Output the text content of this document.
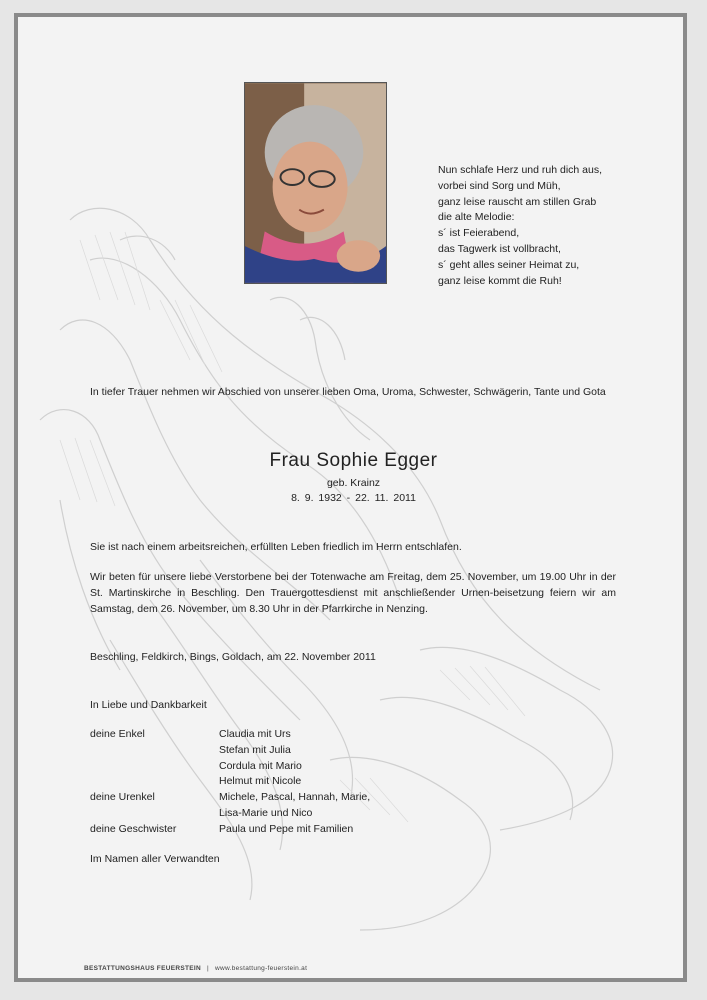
Nun schlafe Herz und ruh dich aus,
vorbei sind Sorg und Müh,
ganz leise rauscht am stillen Grab
die alte Melodie:
s´ ist Feierabend,
das Tagwerk ist vollbracht,
s´ geht alles seiner Heimat zu,
ganz leise kommt die Ruh!
In tiefer Trauer nehmen wir Abschied von unserer lieben Oma, Uroma, Schwester, Schwägerin, Tante und Gota
Frau Sophie Egger
geb. Krainz
8. 9. 1932 - 22. 11. 2011
Sie ist nach einem arbeitsreichen, erfüllten Leben friedlich im Herrn entschlafen.
Wir beten für unsere liebe Verstorbene bei der Totenwache am Freitag, dem 25. November, um 19.00 Uhr in der St. Martinskirche in Beschling. Den Trauergottesdienst mit anschließender Urnen-beisetzung feiern wir am Samstag, dem 26. November, um 8.30 Uhr in der Pfarrkirche in Nenzing.
Beschling, Feldkirch, Bings, Goldach, am 22. November 2011
In Liebe und Dankbarkeit
deine Enkel	Claudia mit Urs
Stefan mit Julia
Cordula mit Mario
Helmut mit Nicole
deine Urenkel	Michele, Pascal, Hannah, Marie,
Lisa-Marie und Nico
deine Geschwister	Paula und Pepe mit Familien
Im Namen aller Verwandten
BESTATTUNGSHAUS FEUERSTEIN | www.bestattung-feuerstein.at
